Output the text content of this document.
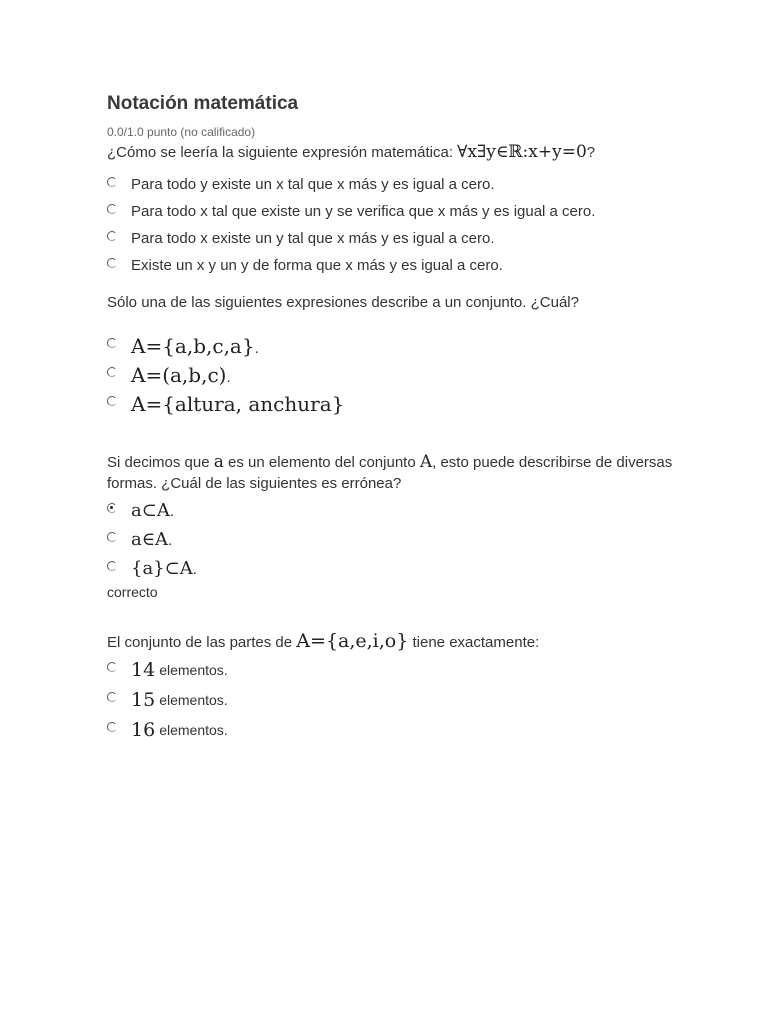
Notación matemática
0.0/1.0 punto (no calificado)
¿Cómo se leería la siguiente expresión matemática: ∀x∃y∈ℝ:x+y=0?
Para todo y existe un x tal que x más y es igual a cero.
Para todo x tal que existe un y se verifica que x más y es igual a cero.
Para todo x existe un y tal que x más y es igual a cero.
Existe un x y un y de forma que x más y es igual a cero.
Sólo una de las siguientes expresiones describe a un conjunto. ¿Cuál?
A={a,b,c,a}.
A=(a,b,c).
A={altura, anchura}
Si decimos que a es un elemento del conjunto A, esto puede describirse de diversas formas. ¿Cuál de las siguientes es errónea?
a⊂A.
a∈A.
{a}⊂A.
correcto
El conjunto de las partes de A={a,e,i,o} tiene exactamente:
14 elementos.
15 elementos.
16 elementos.
